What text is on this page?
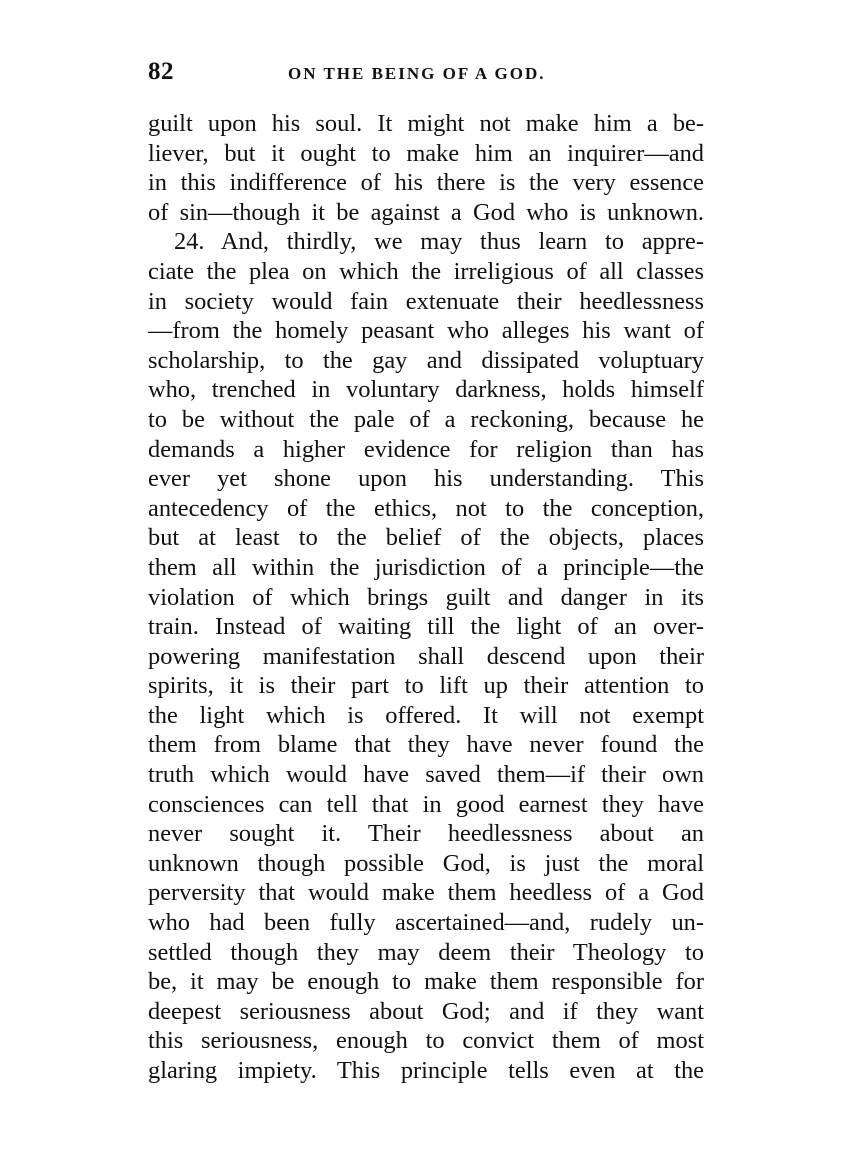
82	ON THE BEING OF A GOD.
guilt upon his soul. It might not make him a be-
liever, but it ought to make him an inquirer—and
in this indifference of his there is the very essence
of sin—though it be against a God who is unknown.
24. And, thirdly, we may thus learn to appre-
ciate the plea on which the irreligious of all classes
in society would fain extenuate their heedlessness
—from the homely peasant who alleges his want of
scholarship, to the gay and dissipated voluptuary
who, trenched in voluntary darkness, holds himself
to be without the pale of a reckoning, because he
demands a higher evidence for religion than has
ever yet shone upon his understanding. This
antecedency of the ethics, not to the conception,
but at least to the belief of the objects, places
them all within the jurisdiction of a principle—the
violation of which brings guilt and danger in its
train. Instead of waiting till the light of an over-
powering manifestation shall descend upon their
spirits, it is their part to lift up their attention to
the light which is offered. It will not exempt
them from blame that they have never found the
truth which would have saved them—if their own
consciences can tell that in good earnest they have
never sought it. Their heedlessness about an
unknown though possible God, is just the moral
perversity that would make them heedless of a God
who had been fully ascertained—and, rudely un-
settled though they may deem their Theology to
be, it may be enough to make them responsible for
deepest seriousness about God; and if they want
this seriousness, enough to convict them of most
glaring impiety. This principle tells even at the
